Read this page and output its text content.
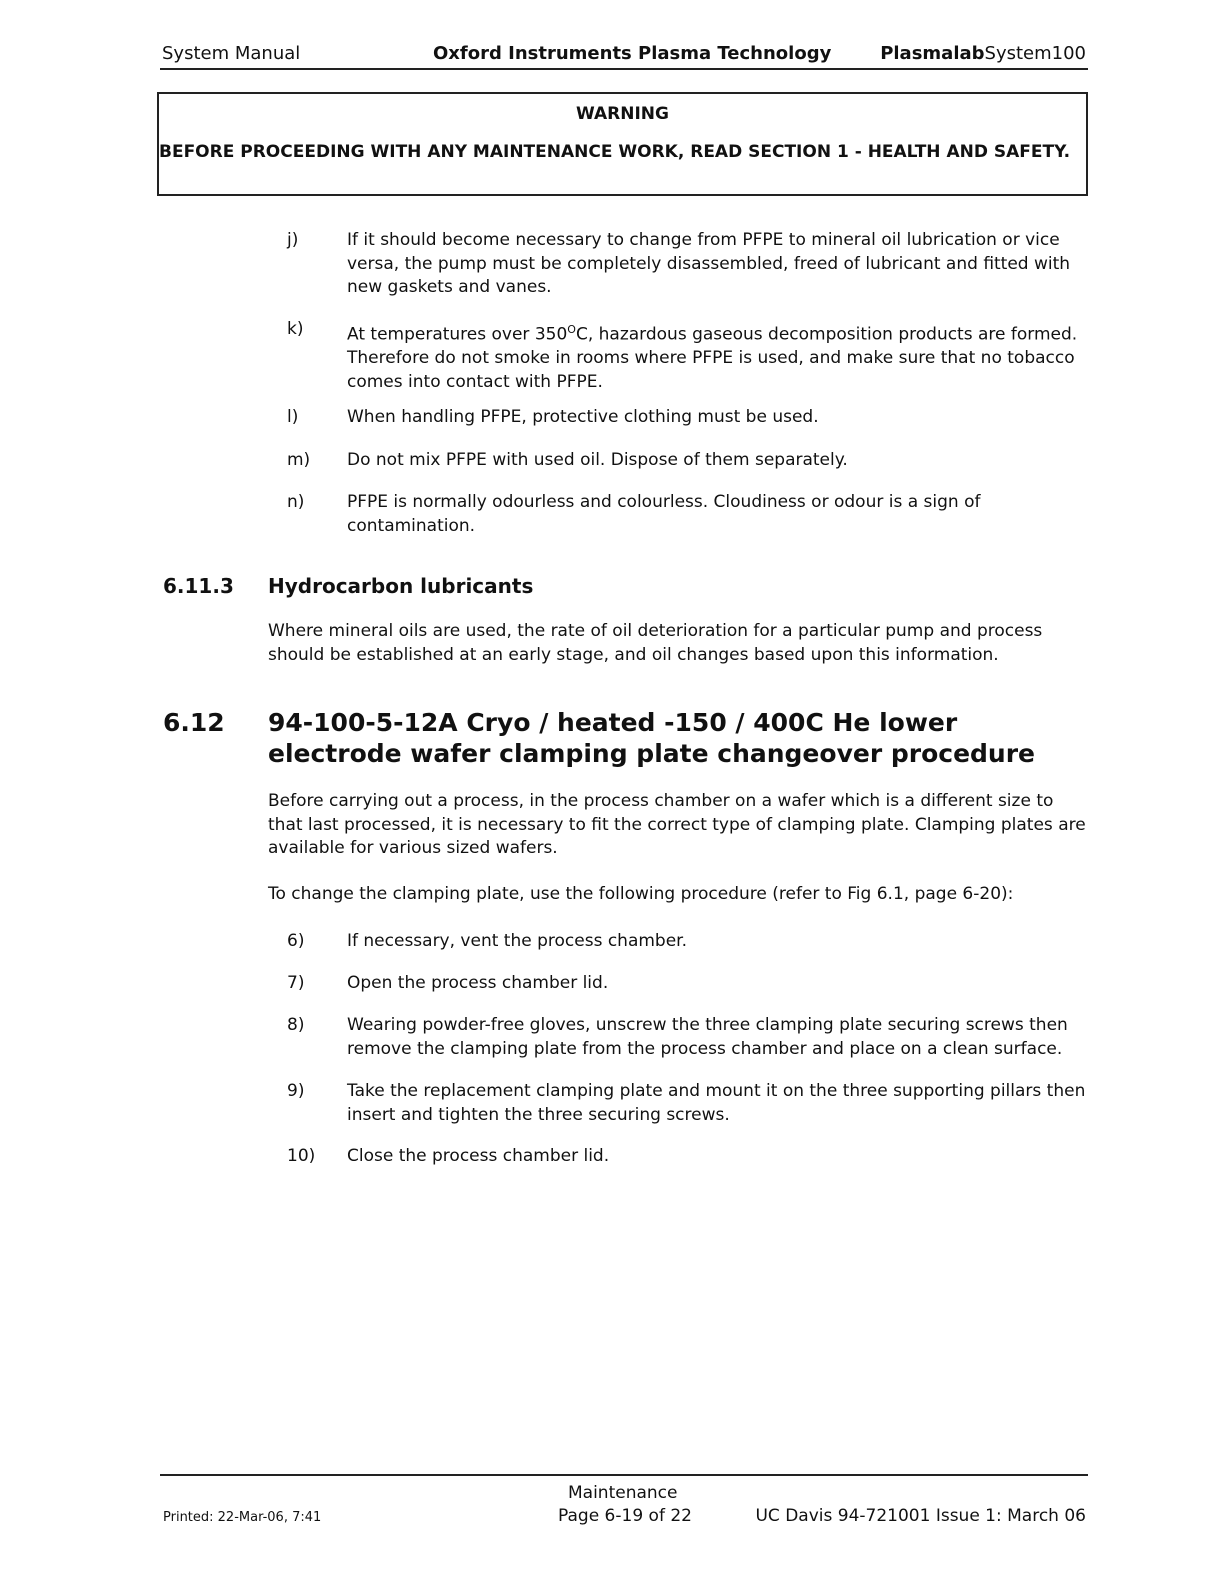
System Manual	Oxford Instruments Plasma Technology	PlasmalabSystem100
WARNING
BEFORE PROCEEDING WITH ANY MAINTENANCE WORK, READ SECTION 1 - HEALTH AND SAFETY.
j)	If it should become necessary to change from PFPE to mineral oil lubrication or vice versa, the pump must be completely disassembled, freed of lubricant and fitted with new gaskets and vanes.
k)	At temperatures over $350^OC$, hazardous gaseous decomposition products are formed. Therefore do not smoke in rooms where PFPE is used, and make sure that no tobacco comes into contact with PFPE.
l)	When handling PFPE, protective clothing must be used.
m) Do not mix PFPE with used oil. Dispose of them separately.
n)	PFPE is normally odourless and colourless. Cloudiness or odour is a sign of contamination.
6.11.3 Hydrocarbon lubricants
Where mineral oils are used, the rate of oil deterioration for a particular pump and process should be established at an early stage, and oil changes based upon this information.
6.12 94-100-5-12A Cryo / heated -150 / 400C He lower electrode wafer clamping plate changeover procedure
Before carrying out a process, in the process chamber on a wafer which is a different size to that last processed, it is necessary to fit the correct type of clamping plate. Clamping plates are available for various sized wafers.
To change the clamping plate, use the following procedure (refer to Fig 6.1, page 6-20):
6)	If necessary, vent the process chamber.
7)	Open the process chamber lid.
8)	Wearing powder-free gloves, unscrew the three clamping plate securing screws then remove the clamping plate from the process chamber and place on a clean surface.
9)	Take the replacement clamping plate and mount it on the three supporting pillars then insert and tighten the three securing screws.
10) Close the process chamber lid.
Maintenance
Printed: 22-Mar-06, 7:41	Page 6-19 of 22	UC Davis 94-721001 Issue 1: March 06
